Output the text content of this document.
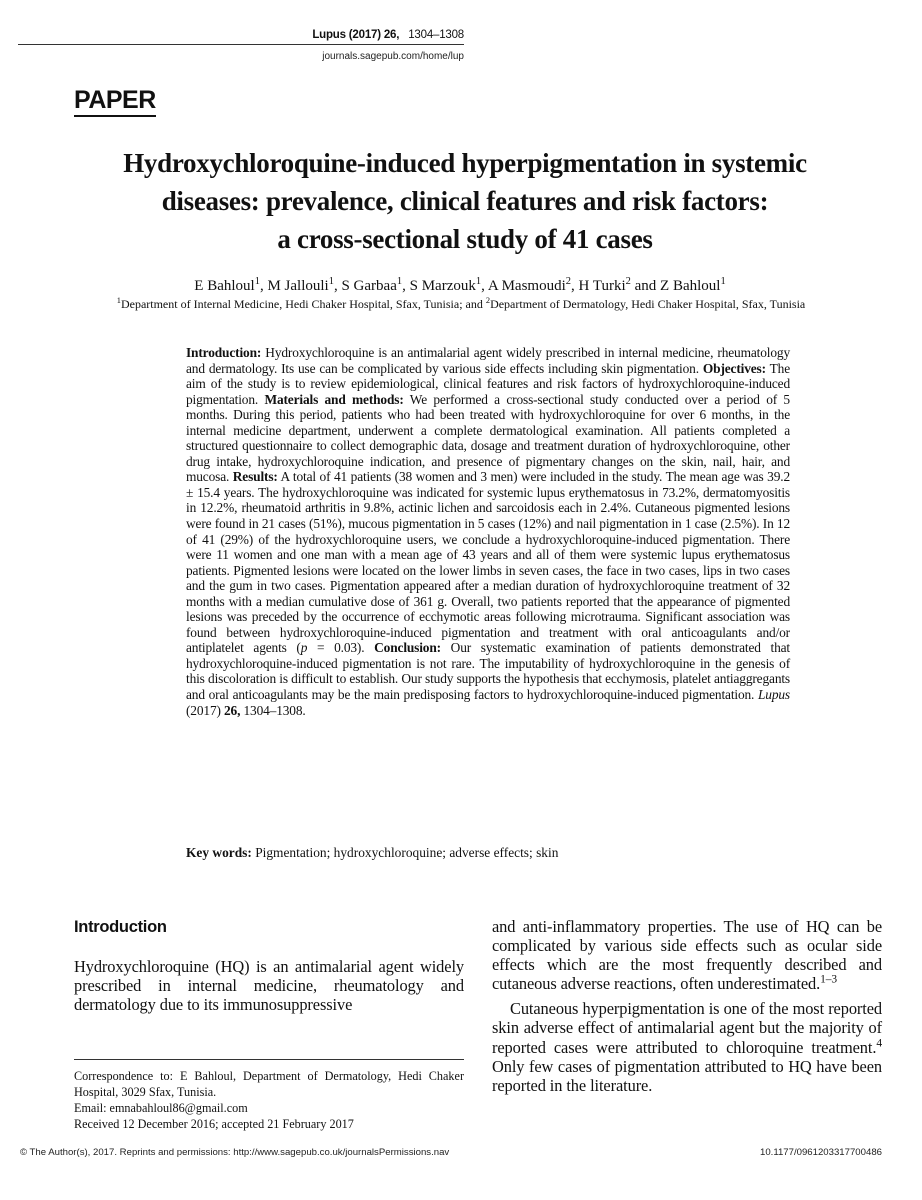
Lupus (2017) 26, 1304–1308
journals.sagepub.com/home/lup
PAPER
Hydroxychloroquine-induced hyperpigmentation in systemic
diseases: prevalence, clinical features and risk factors:
a cross-sectional study of 41 cases
E Bahloul$^1$, M Jallouli$^1$, S Garbaa$^1$, S Marzouk$^1$, A Masmoudi$^2$, H Turki$^2$ and Z Bahloul$^1$
$^1$Department of Internal Medicine, Hedi Chaker Hospital, Sfax, Tunisia; and $^2$Department of Dermatology, Hedi Chaker Hospital, Sfax, Tunisia
Introduction: Hydroxychloroquine is an antimalarial agent widely prescribed in internal medicine, rheumatology and dermatology. Its use can be complicated by various side effects including skin pigmentation. Objectives: The aim of the study is to review epidemiological, clinical features and risk factors of hydroxychloroquine-induced pigmentation. Materials and methods: We performed a cross-sectional study conducted over a period of 5 months. During this period, patients who had been treated with hydroxychloroquine for over 6 months, in the internal medicine department, underwent a complete dermatological examination. All patients completed a structured questionnaire to collect demographic data, dosage and treatment duration of hydroxychloroquine, other drug intake, hydroxychloroquine indication, and presence of pigmentary changes on the skin, nail, hair, and mucosa. Results: A total of 41 patients (38 women and 3 men) were included in the study. The mean age was 39.2 ± 15.4 years. The hydroxychloroquine was indicated for systemic lupus erythematosus in 73.2%, dermatomyositis in 12.2%, rheumatoid arthritis in 9.8%, actinic lichen and sarcoidosis each in 2.4%. Cutaneous pigmented lesions were found in 21 cases (51%), mucous pigmentation in 5 cases (12%) and nail pigmentation in 1 case (2.5%). In 12 of 41 (29%) of the hydroxychloroquine users, we conclude a hydroxychloroquine-induced pigmentation. There were 11 women and one man with a mean age of 43 years and all of them were systemic lupus erythematosus patients. Pigmented lesions were located on the lower limbs in seven cases, the face in two cases, lips in two cases and the gum in two cases. Pigmentation appeared after a median duration of hydroxychloroquine treatment of 32 months with a median cumulative dose of 361 g. Overall, two patients reported that the appearance of pigmented lesions was preceded by the occurrence of ecchymotic areas following microtrauma. Significant association was found between hydroxychloroquine-induced pigmentation and treatment with oral anticoagulants and/or antiplatelet agents (p = 0.03). Conclusion: Our systematic examination of patients demonstrated that hydroxychloroquine-induced pigmentation is not rare. The imputability of hydroxychloroquine in the genesis of this discoloration is difficult to establish. Our study supports the hypothesis that ecchymosis, platelet antiaggregants and oral anticoagulants may be the main predisposing factors to hydroxychloroquine-induced pigmentation. Lupus (2017) 26, 1304–1308.
Key words: Pigmentation; hydroxychloroquine; adverse effects; skin
Introduction

Hydroxychloroquine (HQ) is an antimalarial agent widely prescribed in internal medicine, rheumatology and dermatology due to its immunosuppressive

and anti-inflammatory properties. The use of HQ can be complicated by various side effects such as ocular side effects which are the most frequently described and cutaneous adverse reactions, often underestimated.$^{1-3}$

Cutaneous hyperpigmentation is one of the most reported skin adverse effect of antimalarial agent but the majority of reported cases were attributed to chloroquine treatment.$^4$ Only few cases of pigmentation attributed to HQ have been reported in the literature.

Correspondence to: E Bahloul, Department of Dermatology, Hedi Chaker Hospital, 3029 Sfax, Tunisia.

Email: emnabahloul86@gmail.com

Received 12 December 2016; accepted 21 February 2017

© The Author(s), 2017. Reprints and permissions: http://www.sagepub.co.uk/journalsPermissions.nav	10.1177/0961203317700486
